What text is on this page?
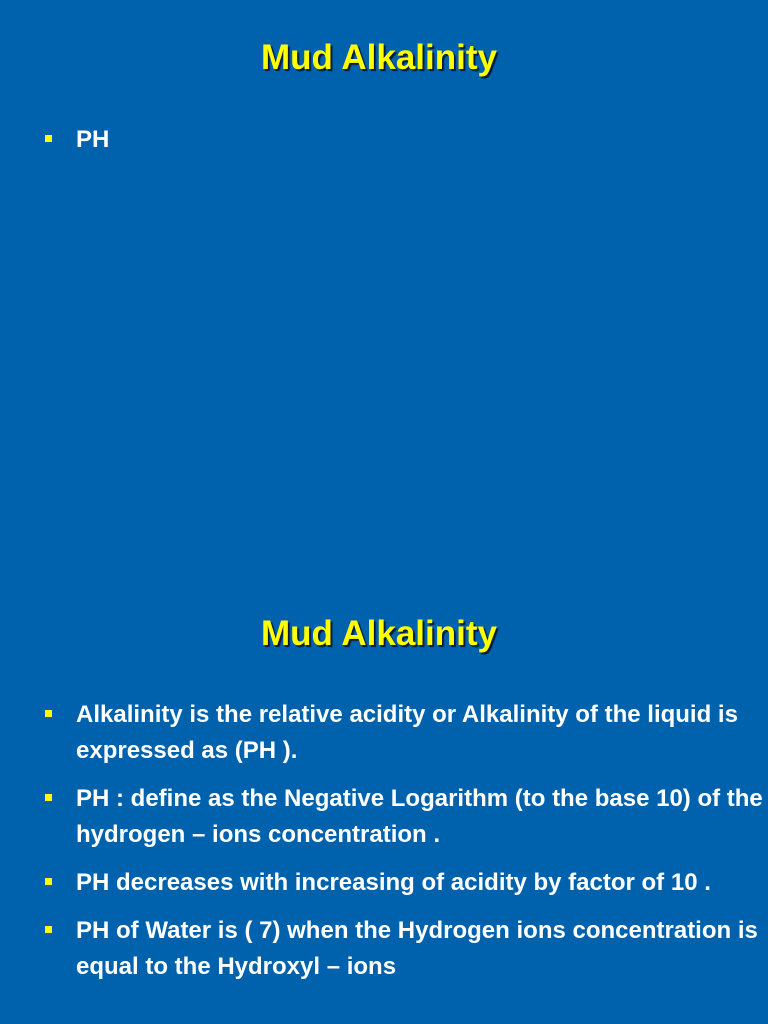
Mud Alkalinity
PH
Mud Alkalinity
Alkalinity is the relative acidity or Alkalinity of the liquid is expressed as (PH ).
PH : define as the Negative Logarithm (to the base 10) of the hydrogen – ions concentration .
PH decreases with increasing of acidity by factor of 10 .
PH of Water is ( 7) when the Hydrogen ions concentration is equal to the Hydroxyl – ions
